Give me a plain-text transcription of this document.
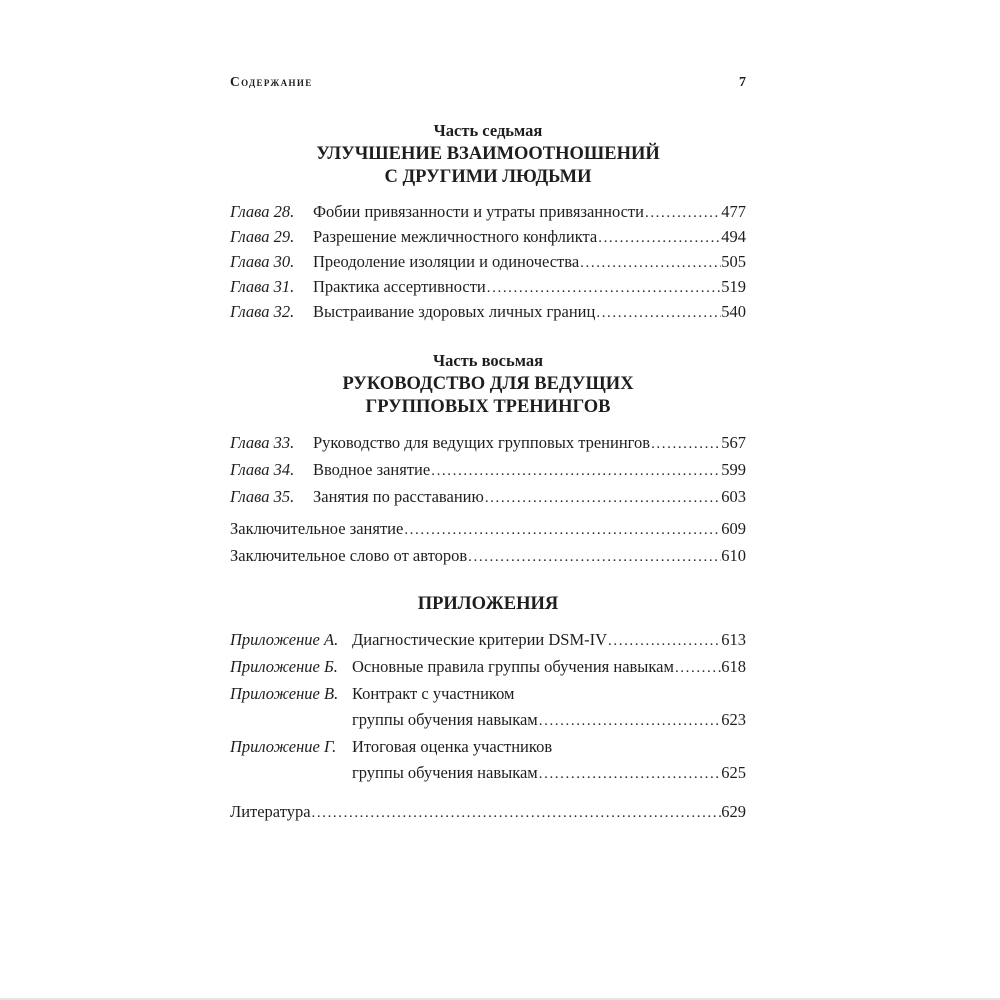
Содержание	7
Часть седьмая
УЛУЧШЕНИЕ ВЗАИМООТНОШЕНИЙ
С ДРУГИМИ ЛЮДЬМИ
Глава 28.	Фобии привязанности и утраты привязанности .....	477
Глава 29.	Разрешение межличностного конфликта .....	494
Глава 30.	Преодоление изоляции и одиночества .....	505
Глава 31.	Практика ассертивности .....	519
Глава 32.	Выстраивание здоровых личных границ .....	540
Часть восьмая
РУКОВОДСТВО ДЛЯ ВЕДУЩИХ
ГРУППОВЫХ ТРЕНИНГОВ
Глава 33.	Руководство для ведущих групповых тренингов .....	567
Глава 34.	Вводное занятие .....	599
Глава 35.	Занятия по расставанию .....	603
Заключительное занятие .....	609
Заключительное слово от авторов .....	610
ПРИЛОЖЕНИЯ
Приложение А. Диагностические критерии DSM-IV .....	613
Приложение Б. Основные правила группы обучения навыкам .....	618
Приложение В. Контракт с участником
группы обучения навыкам .....	623
Приложение Г. Итоговая оценка участников
группы обучения навыкам .....	625
Литература .....	629
